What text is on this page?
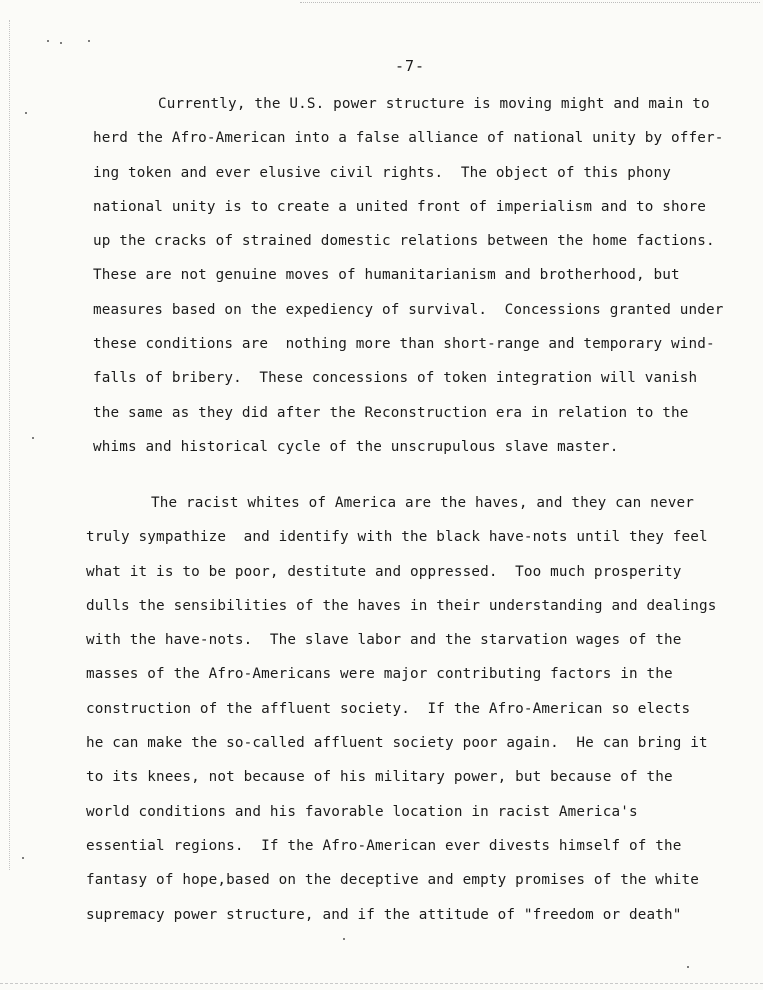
-7-

Currently, the U.S. power structure is moving might and main to
herd the Afro-American into a false alliance of national unity by offer-
ing token and ever elusive civil rights.  The object of this phony
national unity is to create a united front of imperialism and to shore
up the cracks of strained domestic relations between the home factions.
These are not genuine moves of humanitarianism and brotherhood, but
measures based on the expediency of survival.  Concessions granted under
these conditions are  nothing more than short-range and temporary wind-
falls of bribery.  These concessions of token integration will vanish
the same as they did after the Reconstruction era in relation to the
whims and historical cycle of the unscrupulous slave master.

The racist whites of America are the haves, and they can never
truly sympathize  and identify with the black have-nots until they feel
what it is to be poor, destitute and oppressed.  Too much prosperity
dulls the sensibilities of the haves in their understanding and dealings
with the have-nots.  The slave labor and the starvation wages of the
masses of the Afro-Americans were major contributing factors in the
construction of the affluent society.  If the Afro-American so elects
he can make the so-called affluent society poor again.  He can bring it
to its knees, not because of his military power, but because of the
world conditions and his favorable location in racist America's
essential regions.  If the Afro-American ever divests himself of the
fantasy of hope,based on the deceptive and empty promises of the white
supremacy power structure, and if the attitude of "freedom or death"
